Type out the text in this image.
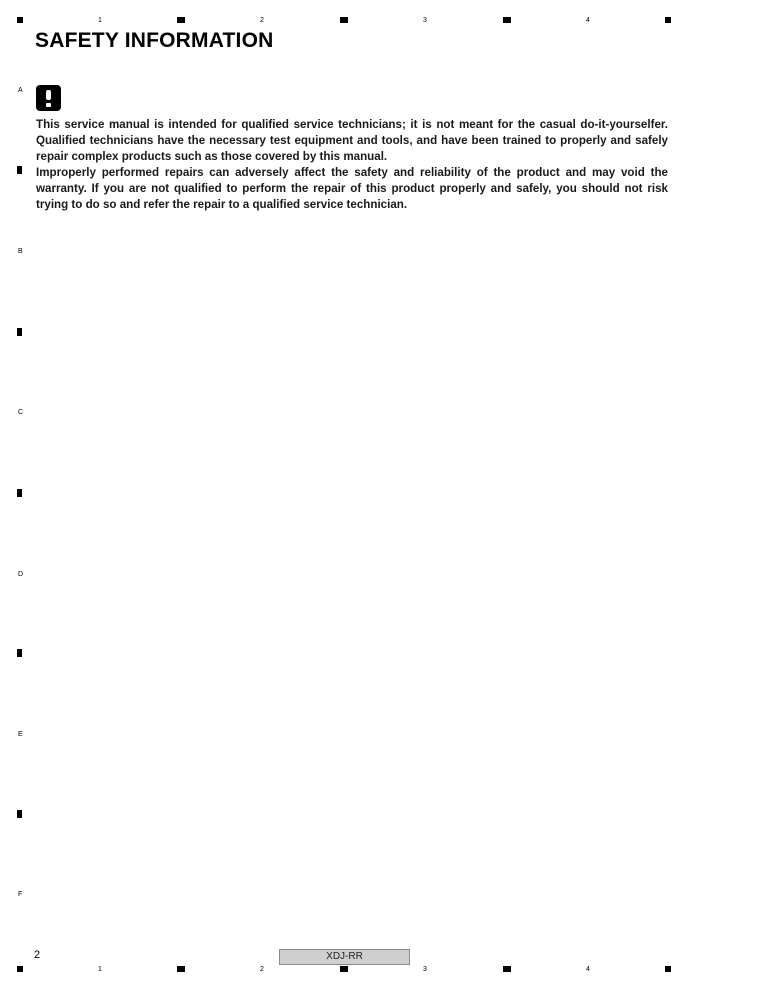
1	2	3	4
SAFETY INFORMATION
A
B
C
D
E
F

This service manual is intended for qualified service technicians; it is not meant for the casual do-it-yourselfer. Qualified technicians have the necessary test equipment and tools, and have been trained to properly and safely repair complex products such as those covered by this manual.

Improperly performed repairs can adversely affect the safety and reliability of the product and may void the warranty. If you are not qualified to perform the repair of this product properly and safely, you should not risk trying to do so and refer the repair to a qualified service technician.

2	XDJ-RR
1	2	3	4
